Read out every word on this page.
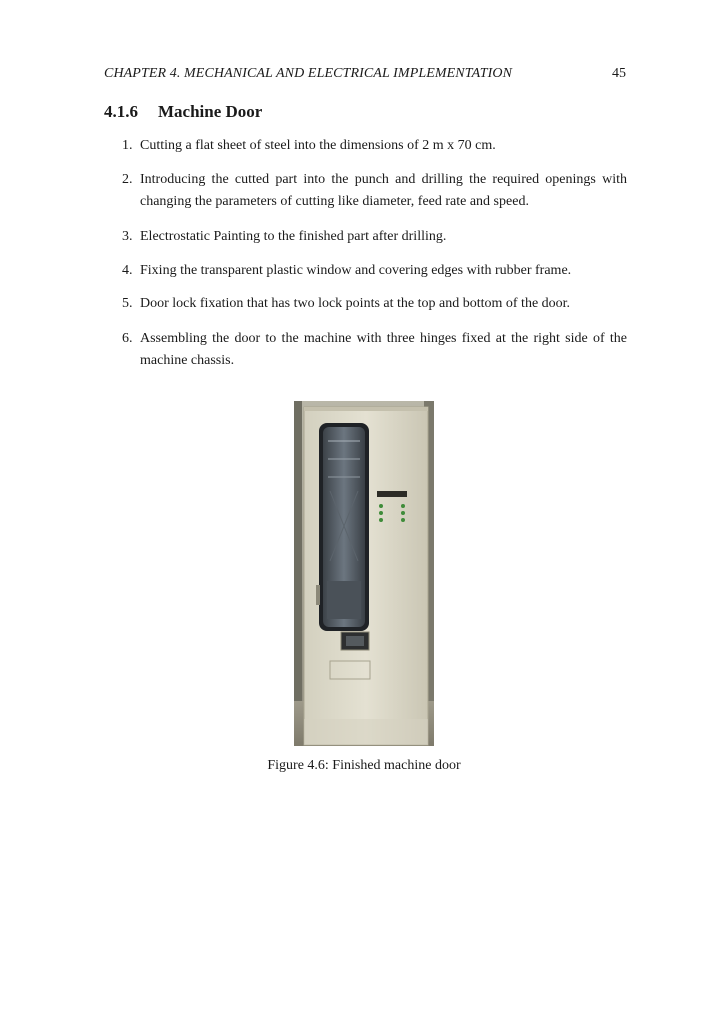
CHAPTER 4. MECHANICAL AND ELECTRICAL IMPLEMENTATION	45
4.1.6 Machine Door
1. Cutting a flat sheet of steel into the dimensions of 2 m x 70 cm.
2. Introducing the cutted part into the punch and drilling the required openings with changing the parameters of cutting like diameter, feed rate and speed.
3. Electrostatic Painting to the finished part after drilling.
4. Fixing the transparent plastic window and covering edges with rubber frame.
5. Door lock fixation that has two lock points at the top and bottom of the door.
6. Assembling the door to the machine with three hinges fixed at the right side of the machine chassis.
Figure 4.6: Finished machine door
